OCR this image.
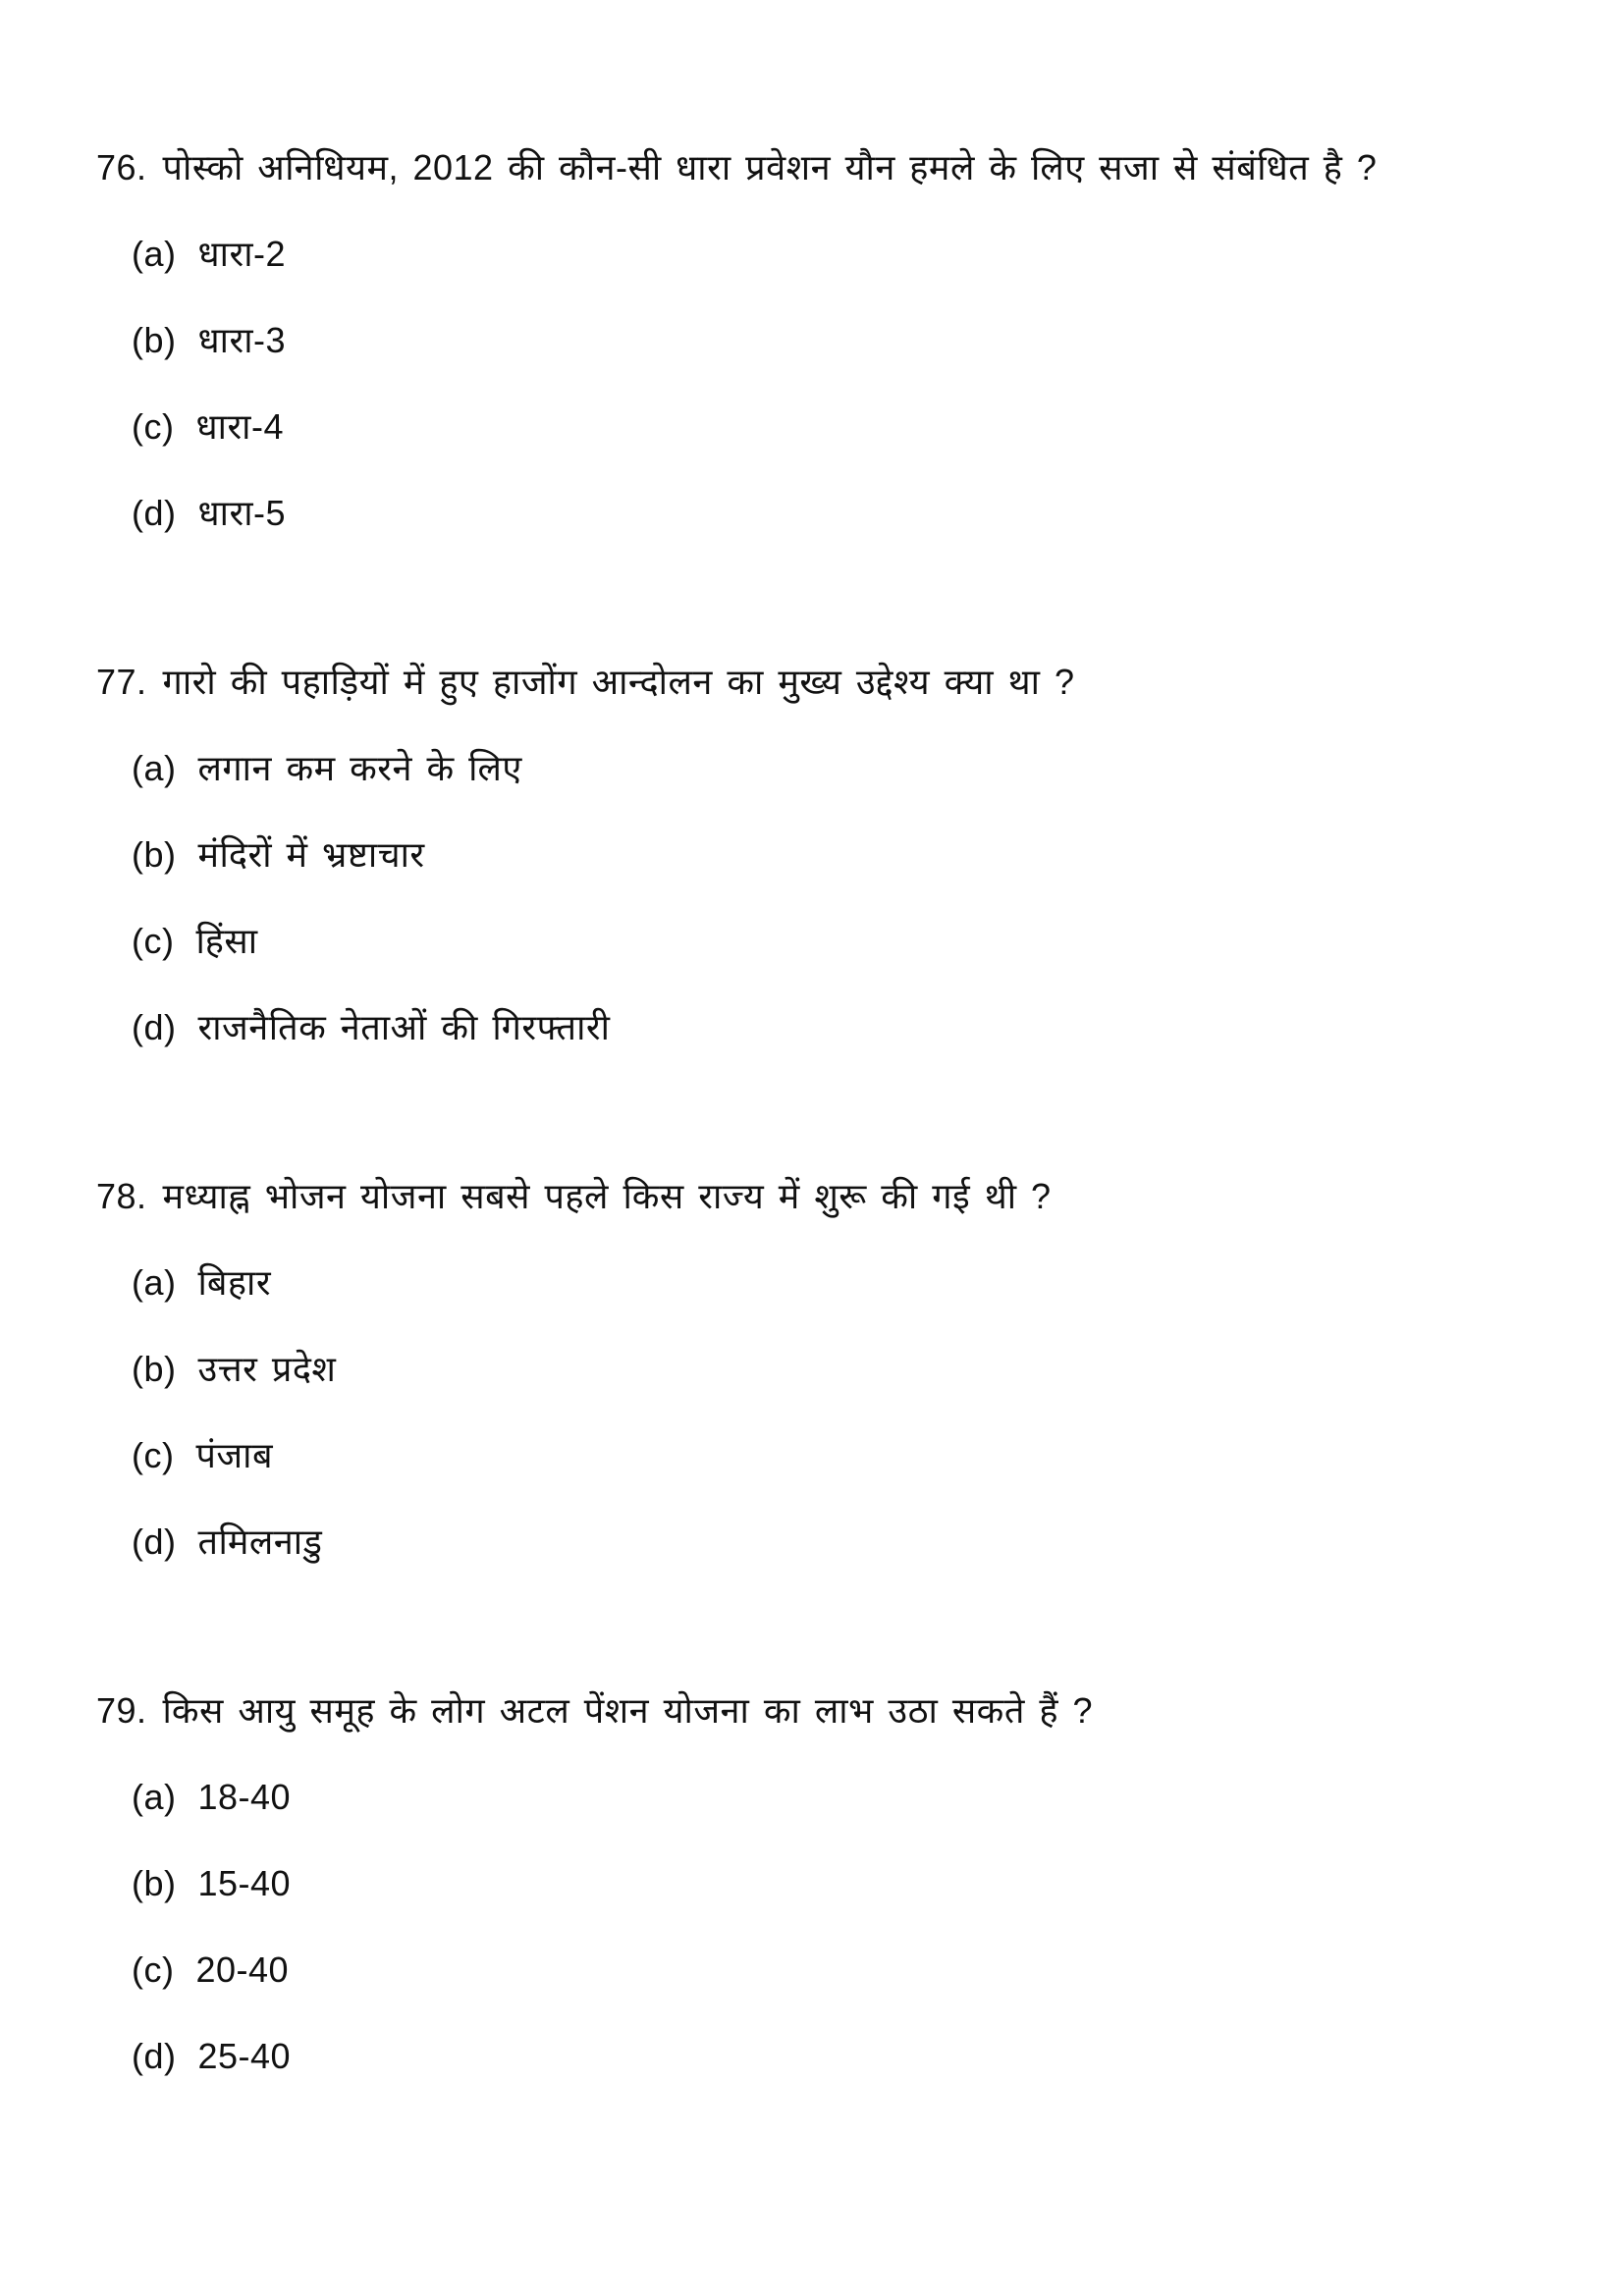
76. पोस्को अनिधियम, 2012 की कौन-सी धारा प्रवेशन यौन हमले के लिए सजा से संबंधित है ?
(a) धारा-2
(b) धारा-3
(c) धारा-4
(d) धारा-5
77. गारो की पहाड़ियों में हुए हाजोंग आन्दोलन का मुख्य उद्देश्य क्या था ?
(a) लगान कम करने के लिए
(b) मंदिरों में भ्रष्टाचार
(c) हिंसा
(d) राजनैतिक नेताओं की गिरफ्तारी
78. मध्याह्न भोजन योजना सबसे पहले किस राज्य में शुरू की गई थी ?
(a) बिहार
(b) उत्तर प्रदेश
(c) पंजाब
(d) तमिलनाडु
79. किस आयु समूह के लोग अटल पेंशन योजना का लाभ उठा सकते हैं ?
(a) 18-40
(b) 15-40
(c) 20-40
(d) 25-40
